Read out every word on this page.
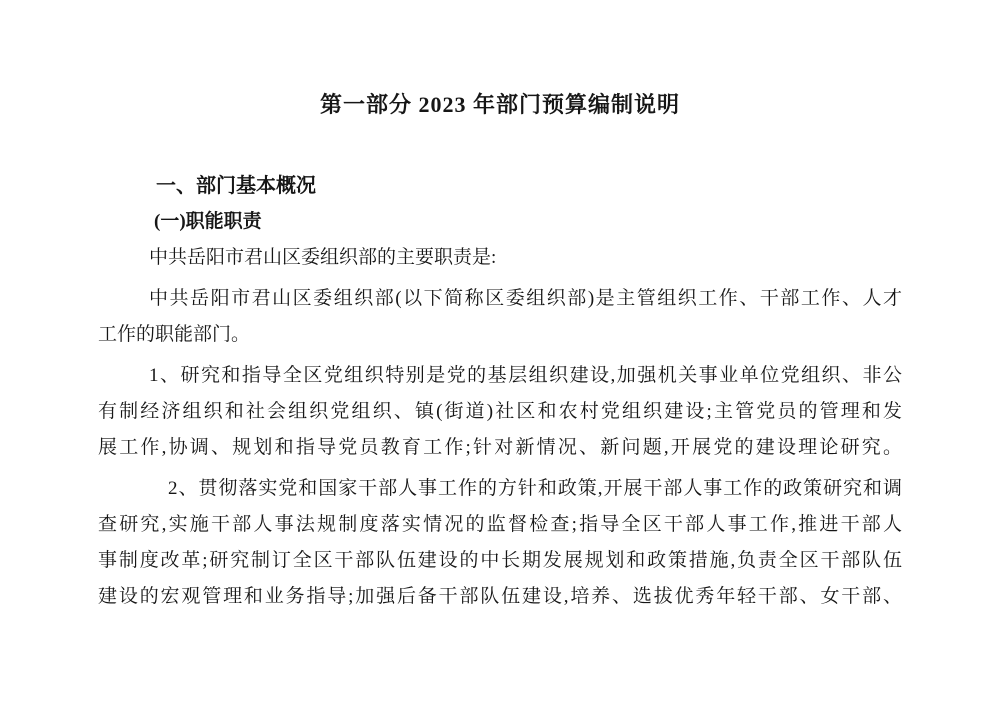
第一部分 2023 年部门预算编制说明
一、部门基本概况
(一)职能职责
中共岳阳市君山区委组织部的主要职责是:
中共岳阳市君山区委组织部(以下简称区委组织部)是主管组织工作、干部工作、人才
工作的职能部门。
1、研究和指导全区党组织特别是党的基层组织建设,加强机关事业单位党组织、非公
有制经济组织和社会组织党组织、镇(街道)社区和农村党组织建设;主管党员的管理和发
展工作,协调、规划和指导党员教育工作;针对新情况、新问题,开展党的建设理论研究。
2、贯彻落实党和国家干部人事工作的方针和政策,开展干部人事工作的政策研究和调
查研究,实施干部人事法规制度落实情况的监督检查;指导全区干部人事工作,推进干部人
事制度改革;研究制订全区干部队伍建设的中长期发展规划和政策措施,负责全区干部队伍
建设的宏观管理和业务指导;加强后备干部队伍建设,培养、选拔优秀年轻干部、女干部、
